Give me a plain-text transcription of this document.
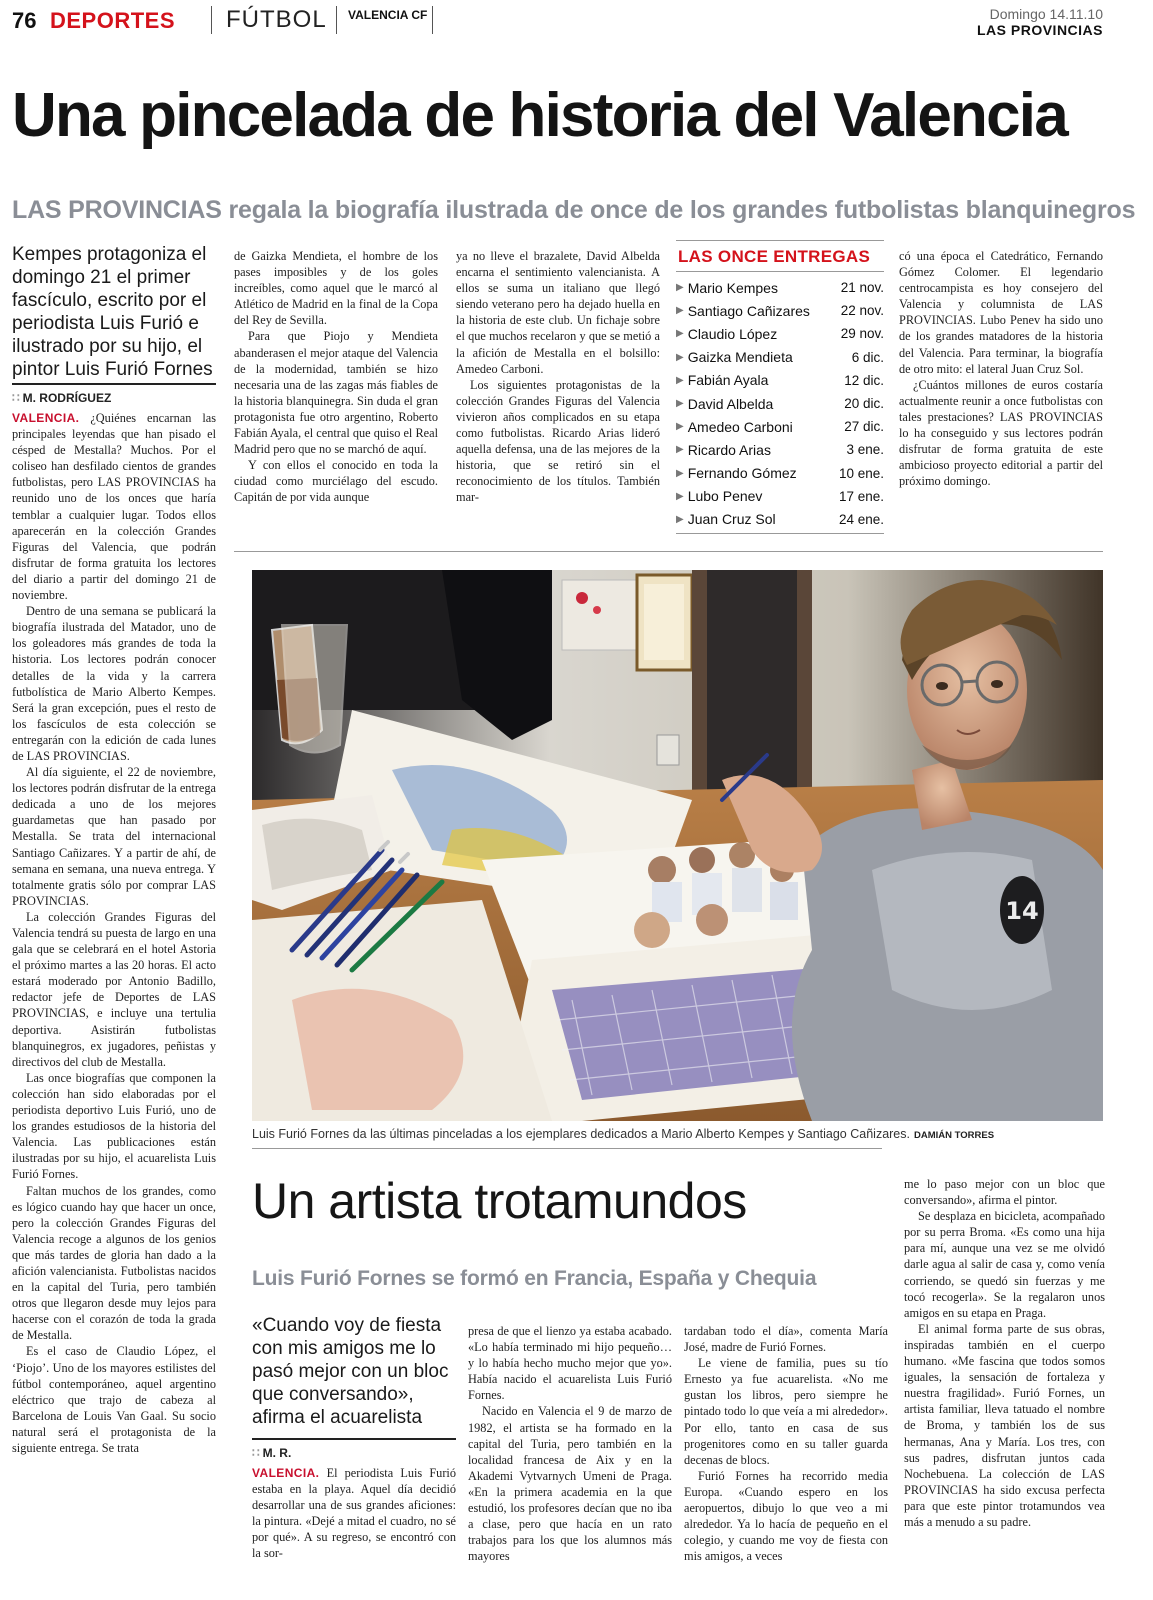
76 DEPORTES FÚTBOL VALENCIA CF	Domingo 14.11.10
LAS PROVINCIAS
Una pincelada de historia del Valencia
LAS PROVINCIAS regala la biografía ilustrada de once de los grandes futbolistas blanquinegros
Kempes protagoniza el domingo 21 el primer fascículo, escrito por el periodista Luis Furió e ilustrado por su hijo, el pintor Luis Furió Fornes
∷ M. RODRÍGUEZ

VALENCIA. ¿Quiénes encarnan las principales leyendas que han pisado el césped de Mestalla? Muchos. Por el coliseo han desfilado cientos de grandes futbolistas, pero LAS PROVINCIAS ha reunido uno de los onces que haría temblar a cualquier lugar. Todos ellos aparecerán en la colección Grandes Figuras del Valencia, que podrán disfrutar de forma gratuita los lectores del diario a partir del domingo 21 de noviembre.

Dentro de una semana se publicará la biografía ilustrada del Matador, uno de los goleadores más grandes de toda la historia. Los lectores podrán conocer detalles de la vida y la carrera futbolística de Mario Alberto Kempes. Será la gran excepción, pues el resto de los fascículos de esta colección se entregarán con la edición de cada lunes de LAS PROVINCIAS.

Al día siguiente, el 22 de noviembre, los lectores podrán disfrutar de la entrega dedicada a uno de los mejores guardametas que han pasado por Mestalla. Se trata del internacional Santiago Cañizares. Y a partir de ahí, de semana en semana, una nueva entrega. Y totalmente gratis sólo por comprar LAS PROVINCIAS.

La colección Grandes Figuras del Valencia tendrá su puesta de largo en una gala que se celebrará en el hotel Astoria el próximo martes a las 20 horas. El acto estará moderado por Antonio Badillo, redactor jefe de Deportes de LAS PROVINCIAS, e incluye una tertulia deportiva. Asistirán futbolistas blanquinegros, ex jugadores, peñistas y directivos del club de Mestalla.

Las once biografías que componen la colección han sido elaboradas por el periodista deportivo Luis Furió, uno de los grandes estudiosos de la historia del Valencia. Las publicaciones están ilustradas por su hijo, el acuarelista Luis Furió Fornes.

Faltan muchos de los grandes, como es lógico cuando hay que hacer un once, pero la colección Grandes Figuras del Valencia recoge a algunos de los genios que más tardes de gloria han dado a la afición valencianista. Futbolistas nacidos en la capital del Turia, pero también otros que llegaron desde muy lejos para hacerse con el corazón de toda la grada de Mestalla.

Es el caso de Claudio López, el ‘Piojo’. Uno de los mayores estilistes del fútbol contemporáneo, aquel argentino eléctrico que trajo de cabeza al Barcelona de Louis Van Gaal. Su socio natural será el protagonista de la siguiente entrega. Se trata

de Gaizka Mendieta, el hombre de los pases imposibles y de los goles increíbles, como aquel que le marcó al Atlético de Madrid en la final de la Copa del Rey de Sevilla.

Para que Piojo y Mendieta abanderasen el mejor ataque del Valencia de la modernidad, también se hizo necesaria una de las zagas más fiables de la historia blanquinegra. Sin duda el gran protagonista fue otro argentino, Roberto Fabián Ayala, el central que quiso el Real Madrid pero que no se marchó de aquí.

Y con ellos el conocido en toda la ciudad como murciélago del escudo. Capitán de por vida aunque

ya no lleve el brazalete, David Albelda encarna el sentimiento valencianista. A ellos se suma un italiano que llegó siendo veterano pero ha dejado huella en la historia de este club. Un fichaje sobre el que muchos recelaron y que se metió a la afición de Mestalla en el bolsillo: Amedeo Carboni.

Los siguientes protagonistas de la colección Grandes Figuras del Valencia vivieron años complicados en su etapa como futbolistas. Ricardo Arias lideró aquella defensa, una de las mejores de la historia, que se retiró sin el reconocimiento de los títulos. También mar-

LAS ONCE ENTREGAS
▶ Mario Kempes	21 nov.
▶ Santiago Cañizares	22 nov.
▶ Claudio López	29 nov.
▶ Gaizka Mendieta	6 dic.
▶ Fabián Ayala	12 dic.
▶ David Albelda	20 dic.
▶ Amedeo Carboni	27 dic.
▶ Ricardo Arias	3 ene.
▶ Fernando Gómez	10 ene.
▶ Lubo Penev	17 ene.
▶ Juan Cruz Sol	24 ene.

có una época el Catedrático, Fernando Gómez Colomer. El legendario centrocampista es hoy consejero del Valencia y columnista de LAS PROVINCIAS. Lubo Penev ha sido uno de los grandes matadores de la historia del Valencia. Para terminar, la biografía de otro mito: el lateral Juan Cruz Sol.

¿Cuántos millones de euros costaría actualmente reunir a once futbolistas con tales prestaciones? LAS PROVINCIAS lo ha conseguido y sus lectores podrán disfrutar de forma gratuita de este ambicioso proyecto editorial a partir del próximo domingo.

14
Luis Furió Fornes da las últimas pinceladas a los ejemplares dedicados a Mario Alberto Kempes y Santiago Cañizares. DAMIÁN TORRES
Un artista trotamundos
Luis Furió Fornes se formó en Francia, España y Chequia
«Cuando voy de fiesta con mis amigos me lo pasó mejor con un bloc que conversando», afirma el acuarelista
∷ M. R.

VALENCIA. El periodista Luis Furió estaba en la playa. Aquel día decidió desarrollar una de sus grandes aficiones: la pintura. «Dejé a mitad el cuadro, no sé por qué». A su regreso, se encontró con la sor-

presa de que el lienzo ya estaba acabado. «Lo había terminado mi hijo pequeño… y lo había hecho mucho mejor que yo». Había nacido el acuarelista Luis Furió Fornes.

Nacido en Valencia el 9 de marzo de 1982, el artista se ha formado en la capital del Turia, pero también en la localidad francesa de Aix y en la Akademi Vytvarnych Umeni de Praga. «En la primera academia en la que estudió, los profesores decían que no iba a clase, pero que hacía en un rato trabajos para los que los alumnos más mayores

tardaban todo el día», comenta María José, madre de Furió Fornes.

Le viene de familia, pues su tío Ernesto ya fue acuarelista. «No me gustan los libros, pero siempre he pintado todo lo que veía a mi alrededor». Por ello, tanto en casa de sus progenitores como en su taller guarda decenas de blocs.

Furió Fornes ha recorrido media Europa. «Cuando espero en los aeropuertos, dibujo lo que veo a mi alrededor. Ya lo hacía de pequeño en el colegio, y cuando me voy de fiesta con mis amigos, a veces

me lo paso mejor con un bloc que conversando», afirma el pintor.

Se desplaza en bicicleta, acompañado por su perra Broma. «Es como una hija para mí, aunque una vez se me olvidó darle agua al salir de casa y, como venía corriendo, se quedó sin fuerzas y me tocó recogerla». Se la regalaron unos amigos en su etapa en Praga.

El animal forma parte de sus obras, inspiradas también en el cuerpo humano. «Me fascina que todos somos iguales, la sensación de fortaleza y nuestra fragilidad». Furió Fornes, un artista familiar, lleva tatuado el nombre de Broma, y también los de sus hermanas, Ana y María. Los tres, con sus padres, disfrutan juntos cada Nochebuena. La colección de LAS PROVINCIAS ha sido excusa perfecta para que este pintor trotamundos vea más a menudo a su padre.
